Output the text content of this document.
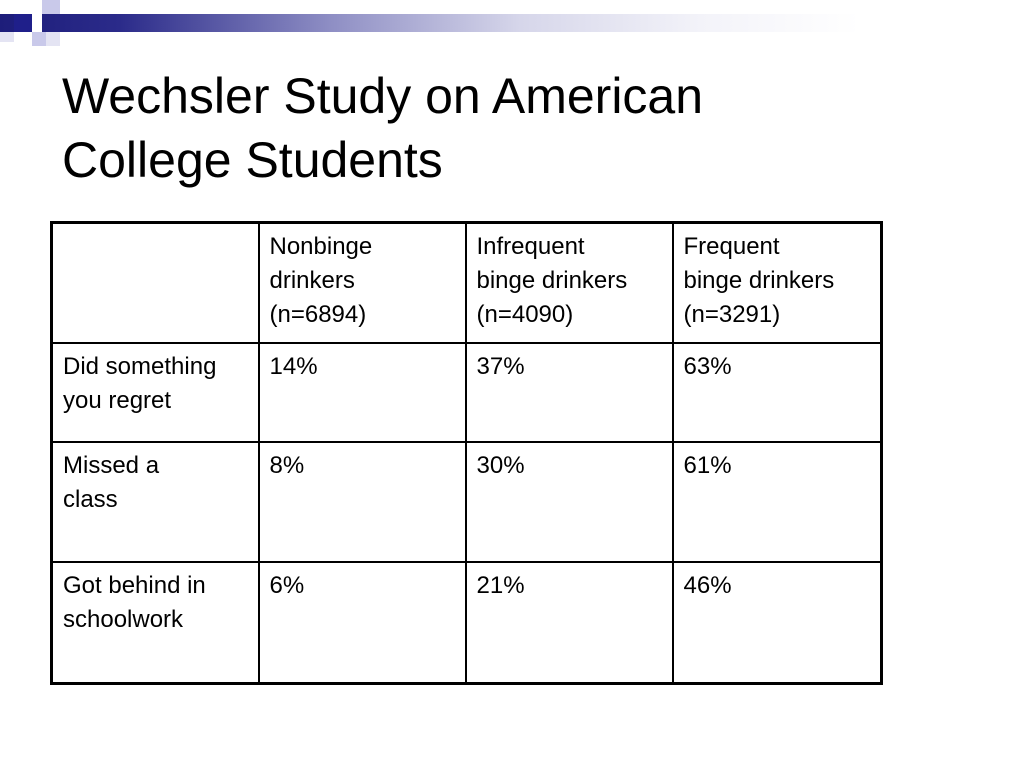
Wechsler Study on American
College Students

	Nonbinge
drinkers
(n=6894)	Infrequent
binge drinkers
(n=4090)	Frequent
binge drinkers
(n=3291)

Did something
you regret	14%	37%	63%

Missed a
class	8%	30%	61%

Got behind in
schoolwork	6%	21%	46%
